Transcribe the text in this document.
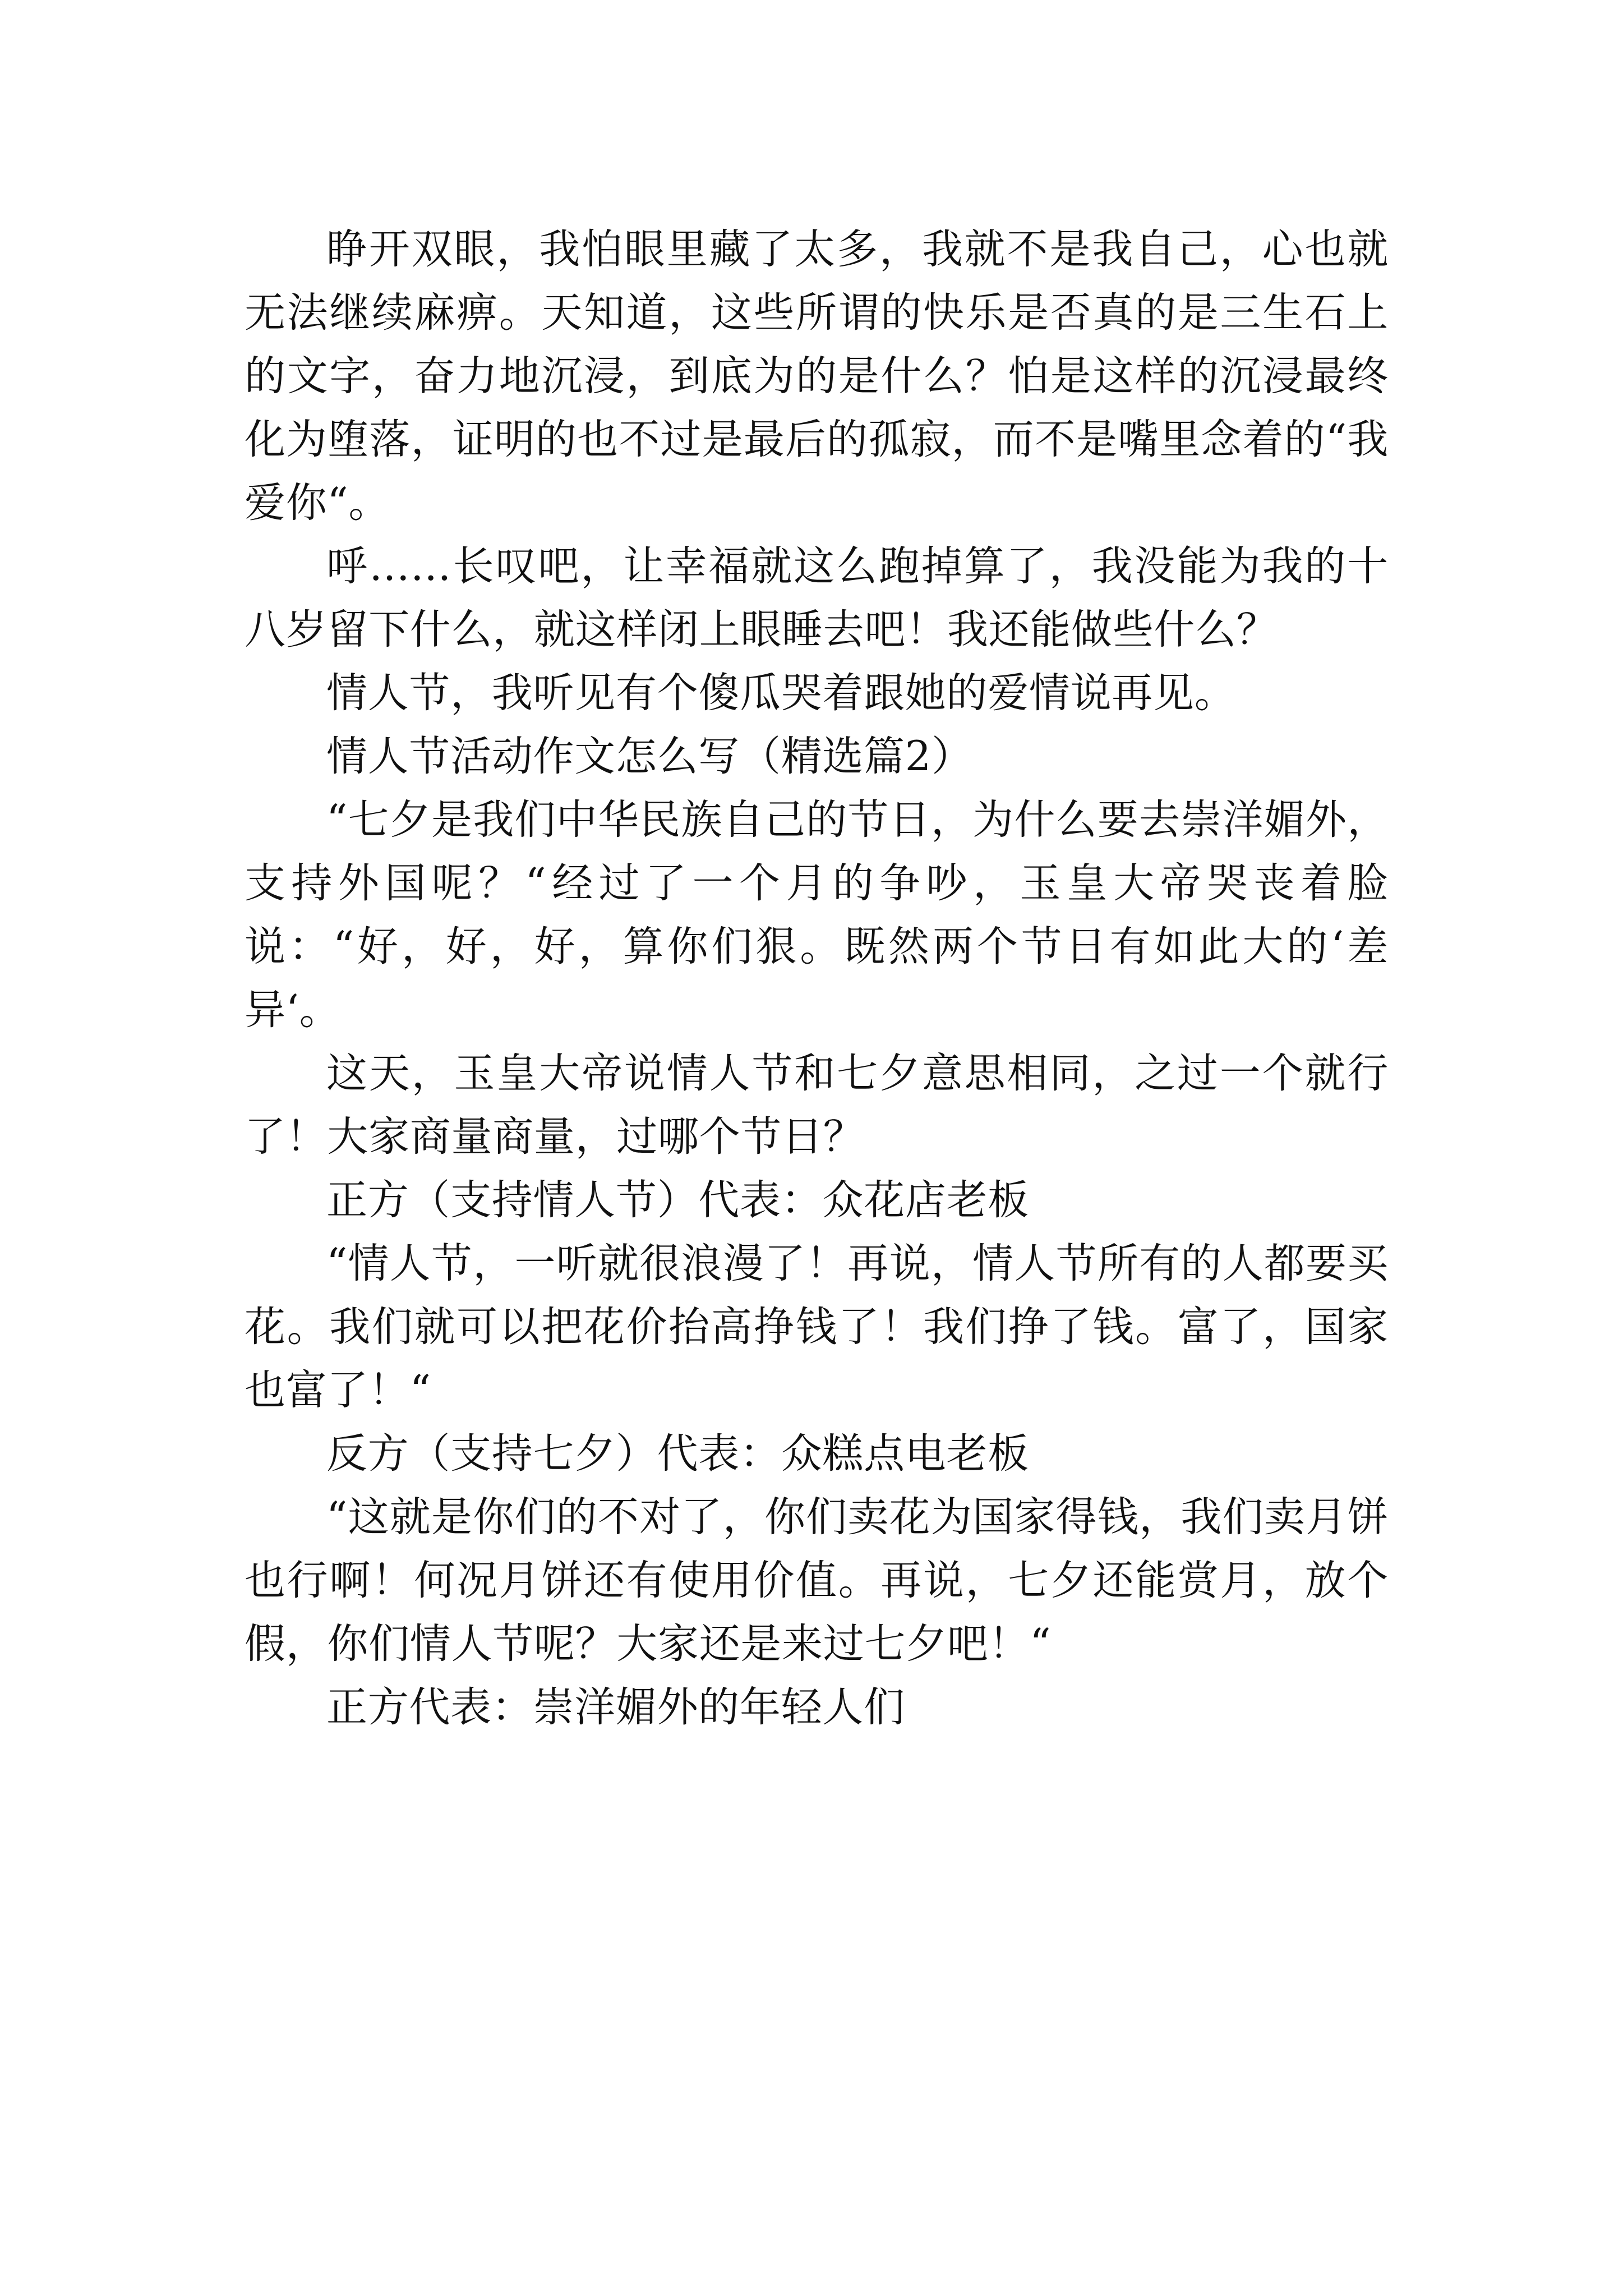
睁开双眼，我怕眼里藏了太多，我就不是我自己，心也就无法继续麻痹。天知道，这些所谓的快乐是否真的是三生石上的文字，奋力地沉浸，到底为的是什么？怕是这样的沉浸最终化为堕落，证明的也不过是最后的孤寂，而不是嘴里念着的“我爱你“。

呼……长叹吧，让幸福就这么跑掉算了，我没能为我的十八岁留下什么，就这样闭上眼睡去吧！我还能做些什么？

情人节，我听见有个傻瓜哭着跟她的爱情说再见。

情人节活动作文怎么写（精选篇2）

“七夕是我们中华民族自己的节日，为什么要去崇洋媚外，支持外国呢？“经过了一个月的争吵，玉皇大帝哭丧着脸说：“好，好，好，算你们狠。既然两个节日有如此大的‘差异‘。

这天，玉皇大帝说情人节和七夕意思相同，之过一个就行了！大家商量商量，过哪个节日？

正方（支持情人节）代表：众花店老板

“情人节，一听就很浪漫了！再说，情人节所有的人都要买花。我们就可以把花价抬高挣钱了！我们挣了钱。富了，国家也富了！“

反方（支持七夕）代表：众糕点电老板

“这就是你们的不对了，你们卖花为国家得钱，我们卖月饼也行啊！何况月饼还有使用价值。再说，七夕还能赏月，放个假，你们情人节呢？大家还是来过七夕吧！“

正方代表：崇洋媚外的年轻人们
